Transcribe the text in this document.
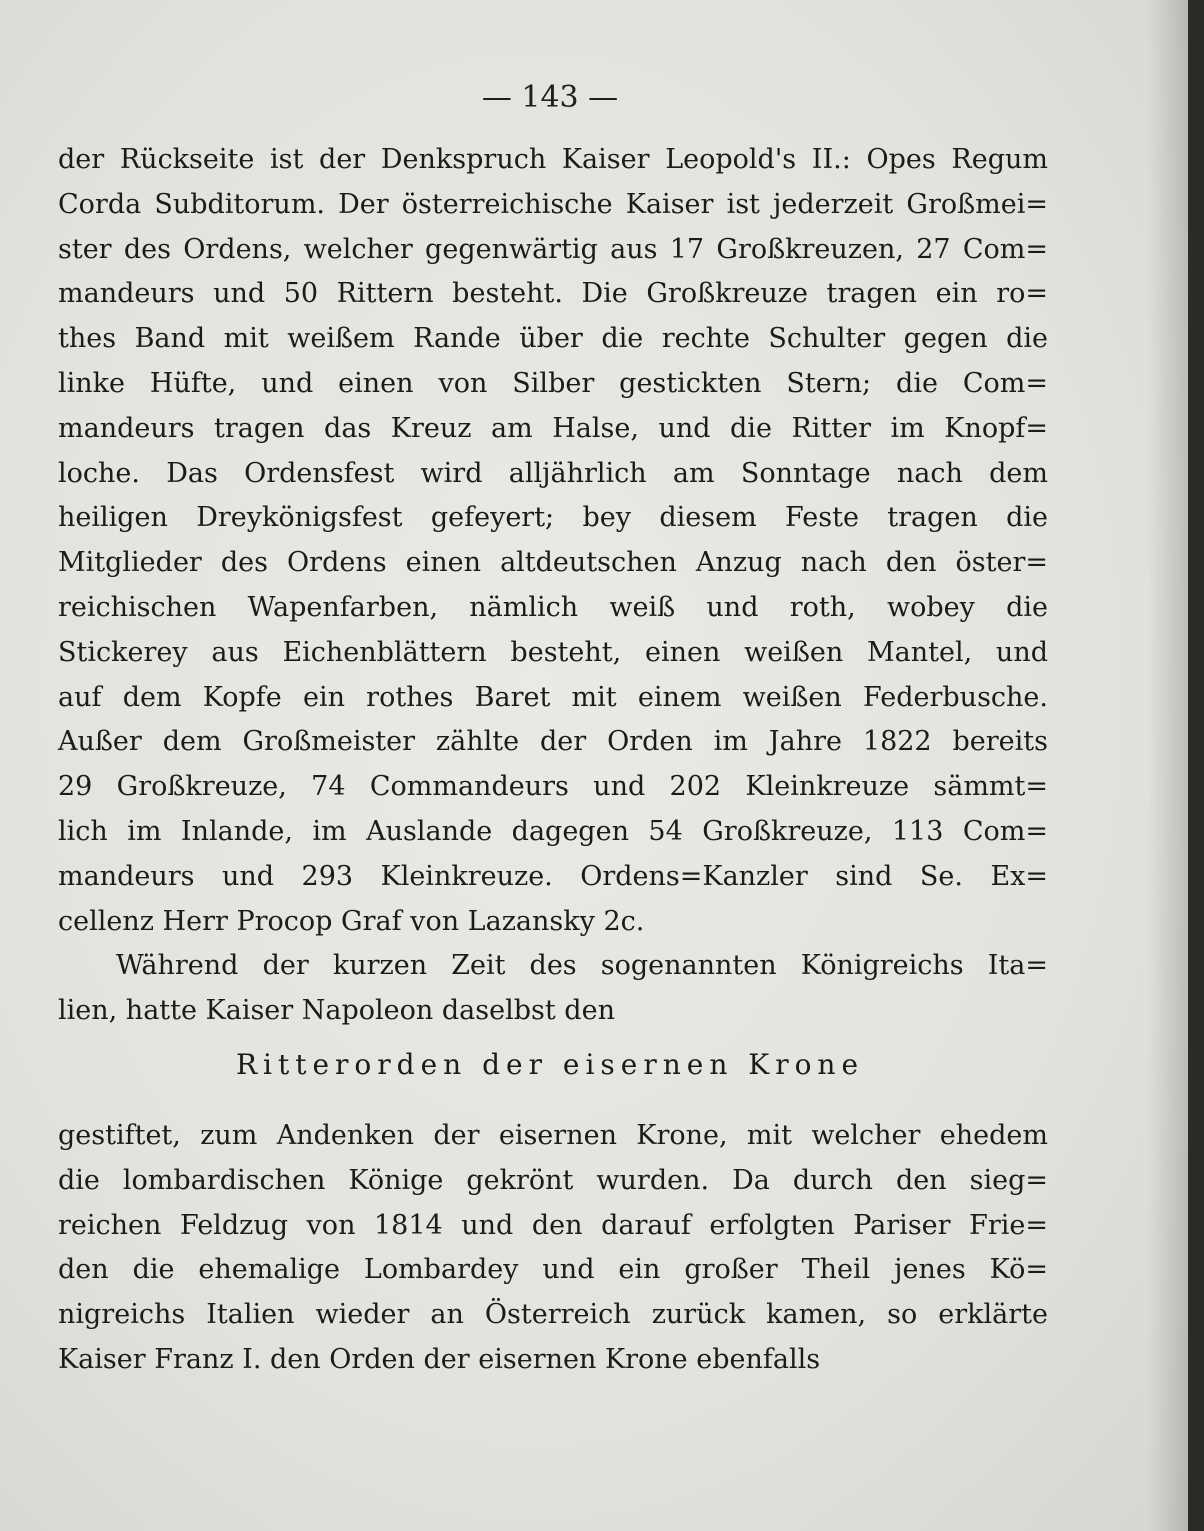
— 143 —
der Rückseite ist der Denkspruch Kaiser Leopold's II.: Opes Regum
Corda Subditorum. Der österreichische Kaiser ist jederzeit Großmei=
ster des Ordens, welcher gegenwärtig aus 17 Großkreuzen, 27 Com=
mandeurs und 50 Rittern besteht. Die Großkreuze tragen ein ro=
thes Band mit weißem Rande über die rechte Schulter gegen die
linke Hüfte, und einen von Silber gestickten Stern; die Com=
mandeurs tragen das Kreuz am Halse, und die Ritter im Knopf=
loche. Das Ordensfest wird alljährlich am Sonntage nach dem
heiligen Dreykönigsfest gefeyert; bey diesem Feste tragen die
Mitglieder des Ordens einen altdeutschen Anzug nach den öster=
reichischen Wapenfarben, nämlich weiß und roth, wobey die
Stickerey aus Eichenblättern besteht, einen weißen Mantel, und
auf dem Kopfe ein rothes Baret mit einem weißen Federbusche.
Außer dem Großmeister zählte der Orden im Jahre 1822 bereits
29 Großkreuze, 74 Commandeurs und 202 Kleinkreuze sämmt=
lich im Inlande, im Auslande dagegen 54 Großkreuze, 113 Com=
mandeurs und 293 Kleinkreuze. Ordens=Kanzler sind Se. Ex=
cellenz Herr Procop Graf von Lazansky 2c.
Während der kurzen Zeit des sogenannten Königreichs Ita=
lien, hatte Kaiser Napoleon daselbst den
Ritterorden der eisernen Krone
gestiftet, zum Andenken der eisernen Krone, mit welcher ehedem
die lombardischen Könige gekrönt wurden. Da durch den sieg=
reichen Feldzug von 1814 und den darauf erfolgten Pariser Frie=
den die ehemalige Lombardey und ein großer Theil jenes Kö=
nigreichs Italien wieder an Österreich zurück kamen, so erklärte
Kaiser Franz I. den Orden der eisernen Krone ebenfalls
